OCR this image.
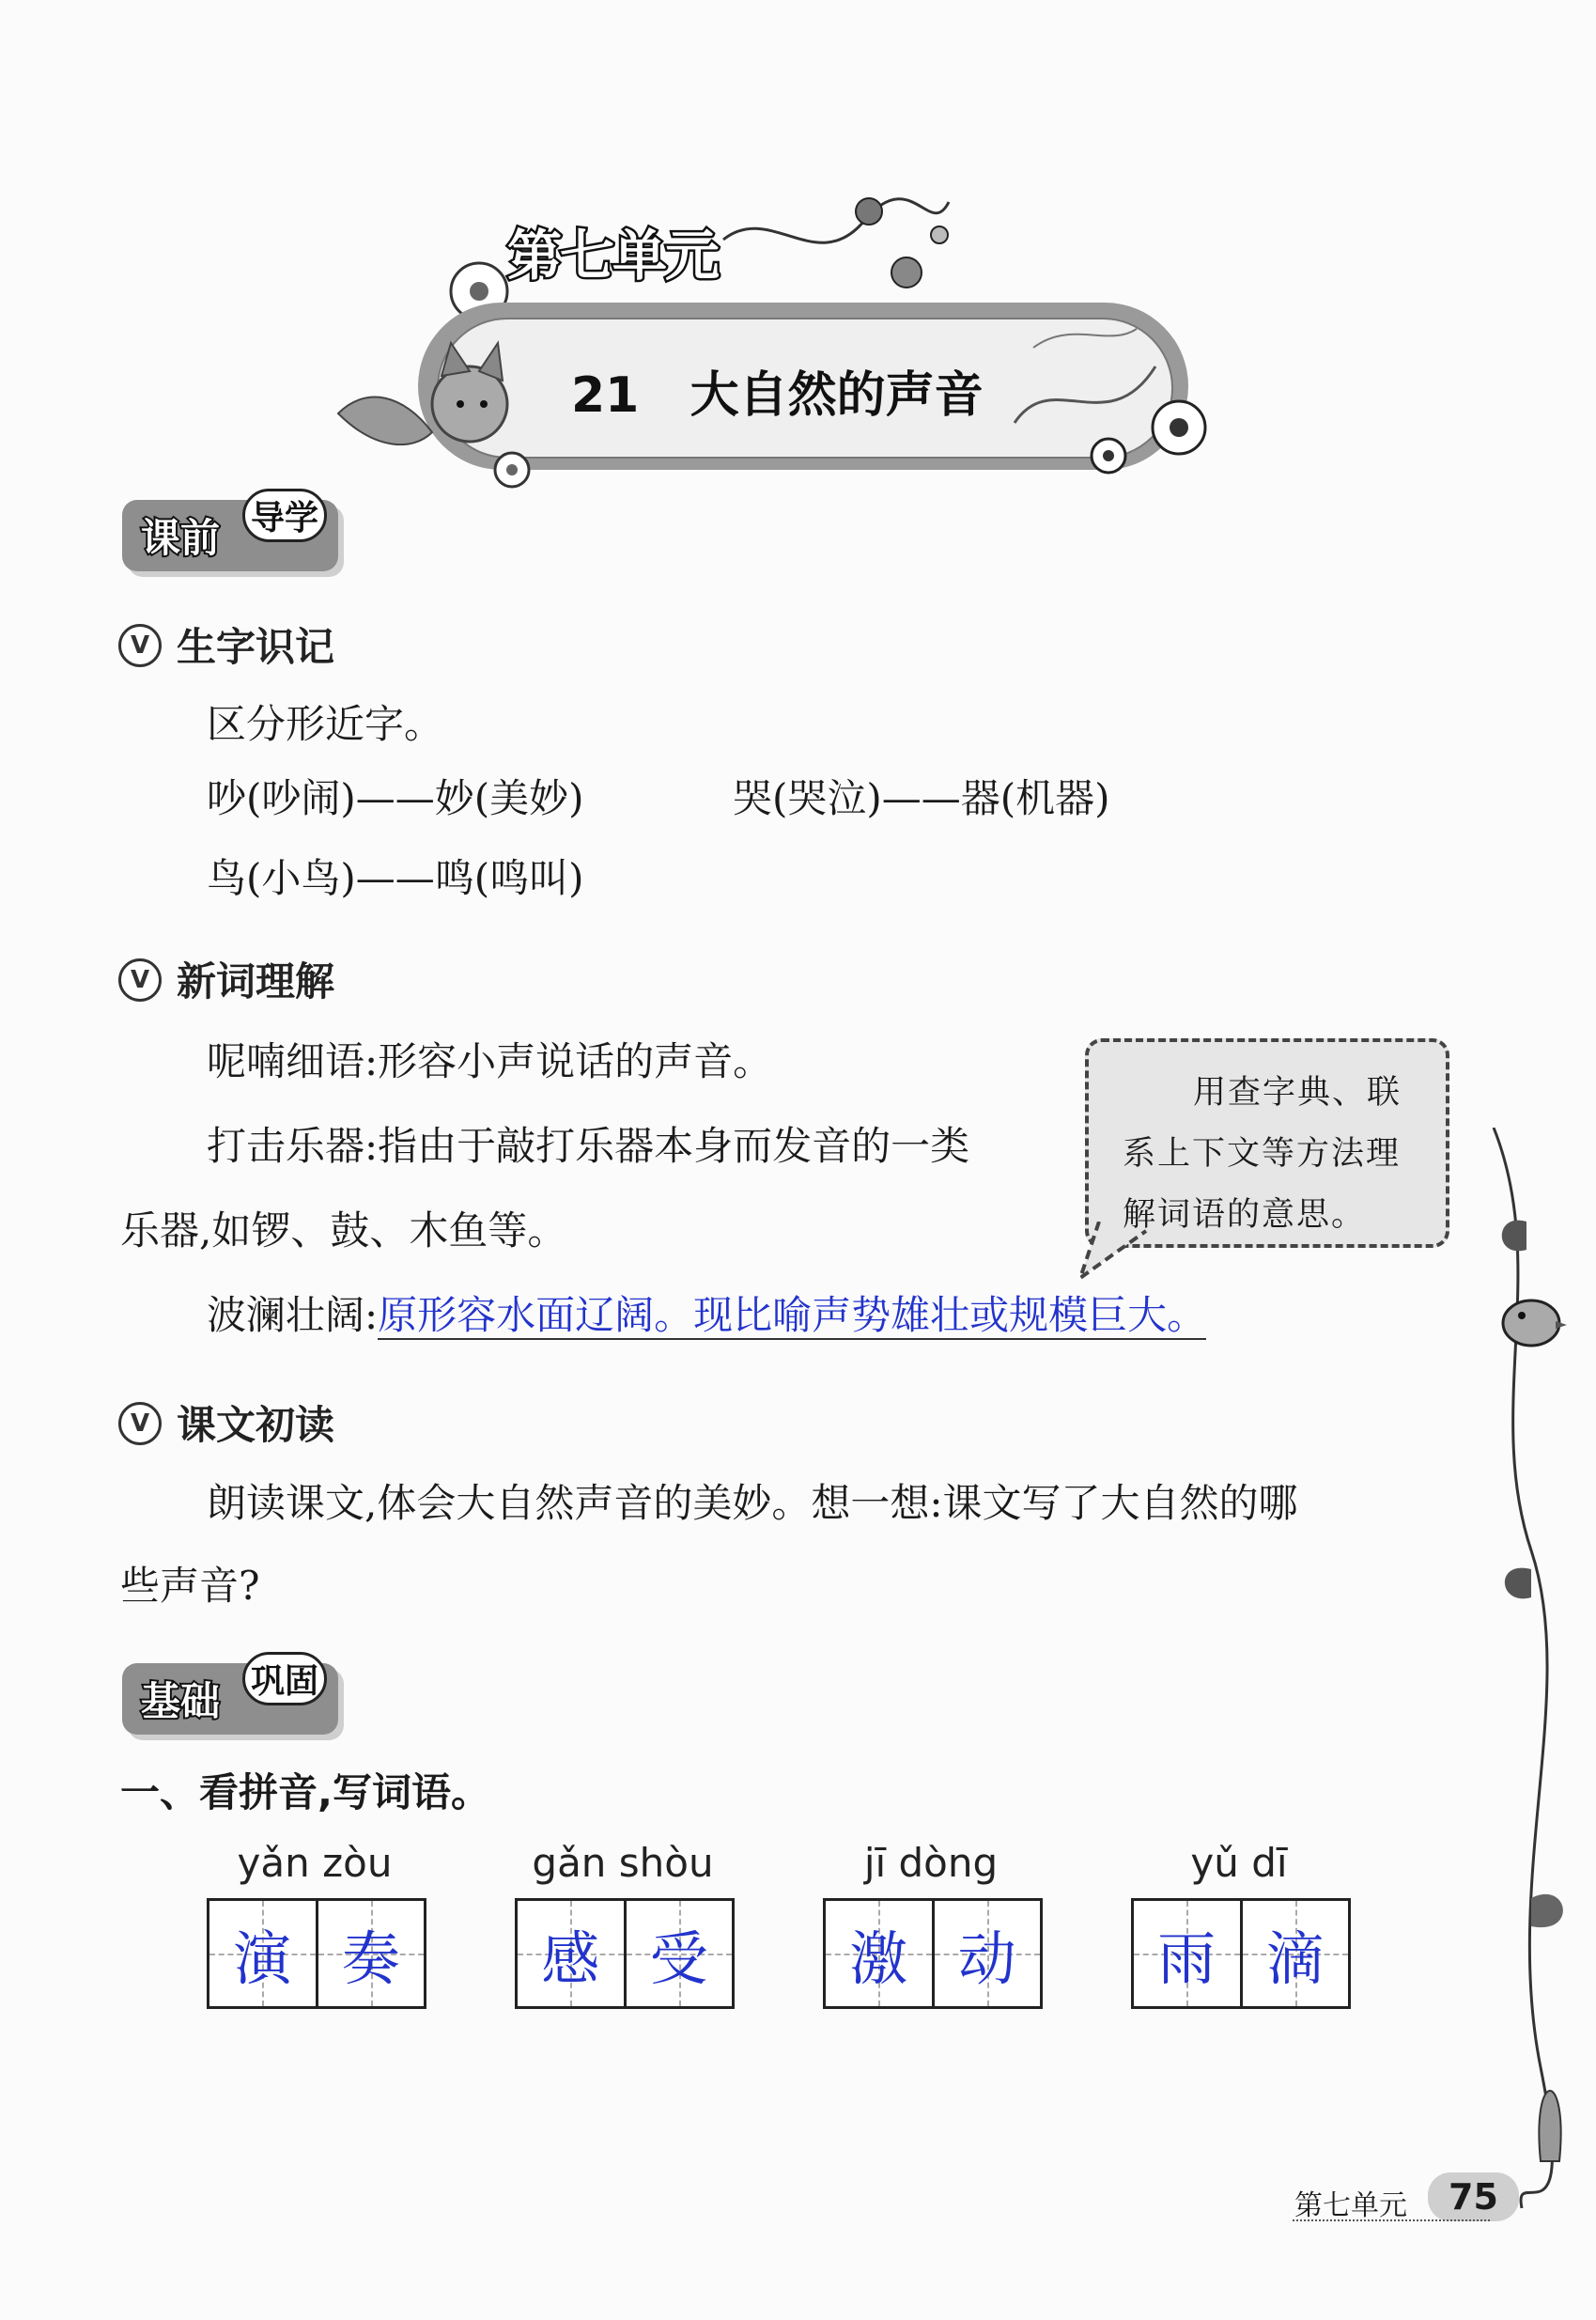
第七单元
21   大自然的声音
课前 导学
V 生字识记
区分形近字。
吵(吵闹)——妙(美妙)	哭(哭泣)——器(机器)
鸟(小鸟)——鸣(鸣叫)
V 新词理解
呢喃细语:形容小声说话的声音。
打击乐器:指由于敲打乐器本身而发音的一类
乐器,如锣、鼓、木鱼等。
波澜壮阔:原形容水面辽阔。现比喻声势雄壮或规模巨大。
用查字典、联
系上下文等方法理
解词语的意思。
V 课文初读
朗读课文,体会大自然声音的美妙。想一想:课文写了大自然的哪
些声音?
基础 巩固
一、看拼音,写词语。
yǎn zòu
演 奏
gǎn shòu
感 受
jī dòng
激 动
yǔ dī
雨 滴
第七单元	75
